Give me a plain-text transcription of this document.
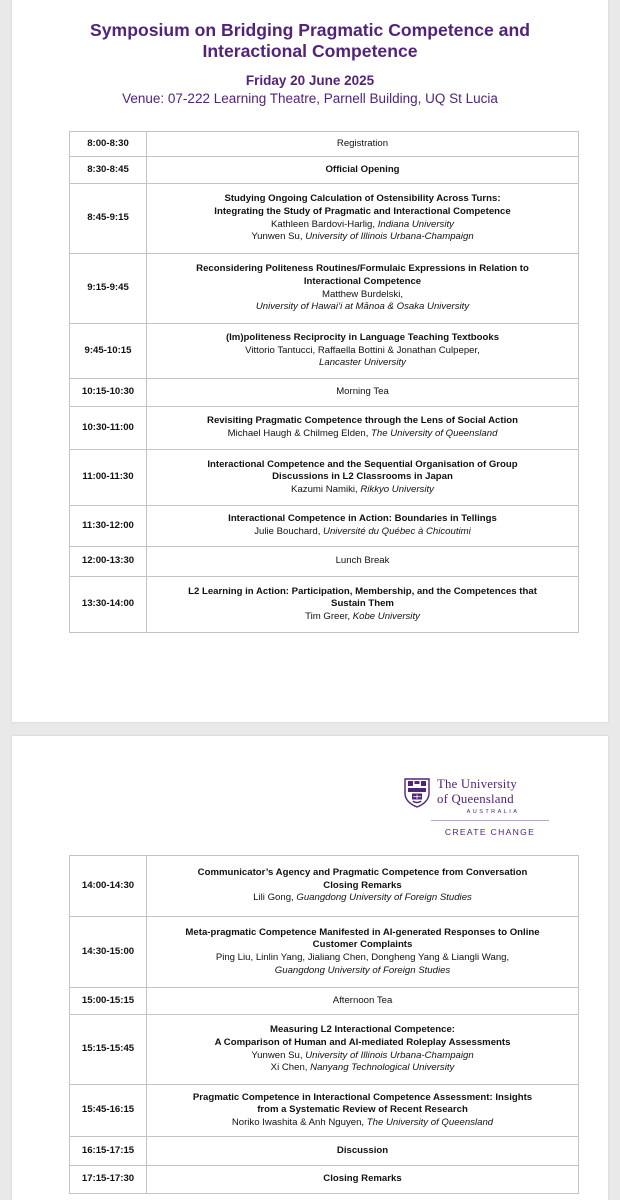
Symposium on Bridging Pragmatic Competence and
Interactional Competence
Friday 20 June 2025
Venue: 07-222 Learning Theatre, Parnell Building, UQ St Lucia
8:00-8:30	Registration
8:30-8:45	Official Opening
8:45-9:15	Studying Ongoing Calculation of Ostensibility Across Turns:
Integrating the Study of Pragmatic and Interactional Competence
Kathleen Bardovi-Harlig, Indiana University
Yunwen Su, University of Illinois Urbana-Champaign

9:15-9:45	Reconsidering Politeness Routines/Formulaic Expressions in Relation to
Interactional Competence
Matthew Burdelski,
University of Hawaiʻi at Mānoa & Osaka University

9:45-10:15	(Im)politeness Reciprocity in Language Teaching Textbooks
Vittorio Tantucci, Raffaella Bottini & Jonathan Culpeper,
Lancaster University

10:15-10:30	Morning Tea
10:30-11:00	Revisiting Pragmatic Competence through the Lens of Social Action
Michael Haugh & Chilmeg Elden, The University of Queensland

11:00-11:30	Interactional Competence and the Sequential Organisation of Group
Discussions in L2 Classrooms in Japan
Kazumi Namiki, Rikkyo University

11:30-12:00	Interactional Competence in Action: Boundaries in Tellings
Julie Bouchard, Université du Québec à Chicoutimi

12:00-13:30	Lunch Break
13:30-14:00	L2 Learning in Action: Participation, Membership, and the Competences that
Sustain Them
Tim Greer, Kobe University
The University
of Queensland
AUSTRALIA
CREATE CHANGE
14:00-14:30	Communicator’s Agency and Pragmatic Competence from Conversation
Closing Remarks
Lili Gong, Guangdong University of Foreign Studies

14:30-15:00	Meta-pragmatic Competence Manifested in AI-generated Responses to Online
Customer Complaints
Ping Liu, Linlin Yang, Jialiang Chen, Dongheng Yang & Liangli Wang,
Guangdong University of Foreign Studies

15:00-15:15	Afternoon Tea
15:15-15:45	Measuring L2 Interactional Competence:
A Comparison of Human and AI-mediated Roleplay Assessments
Yunwen Su, University of Illinois Urbana-Champaign
Xi Chen, Nanyang Technological University

15:45-16:15	Pragmatic Competence in Interactional Competence Assessment: Insights
from a Systematic Review of Recent Research
Noriko Iwashita & Anh Nguyen, The University of Queensland

16:15-17:15	Discussion
17:15-17:30	Closing Remarks
